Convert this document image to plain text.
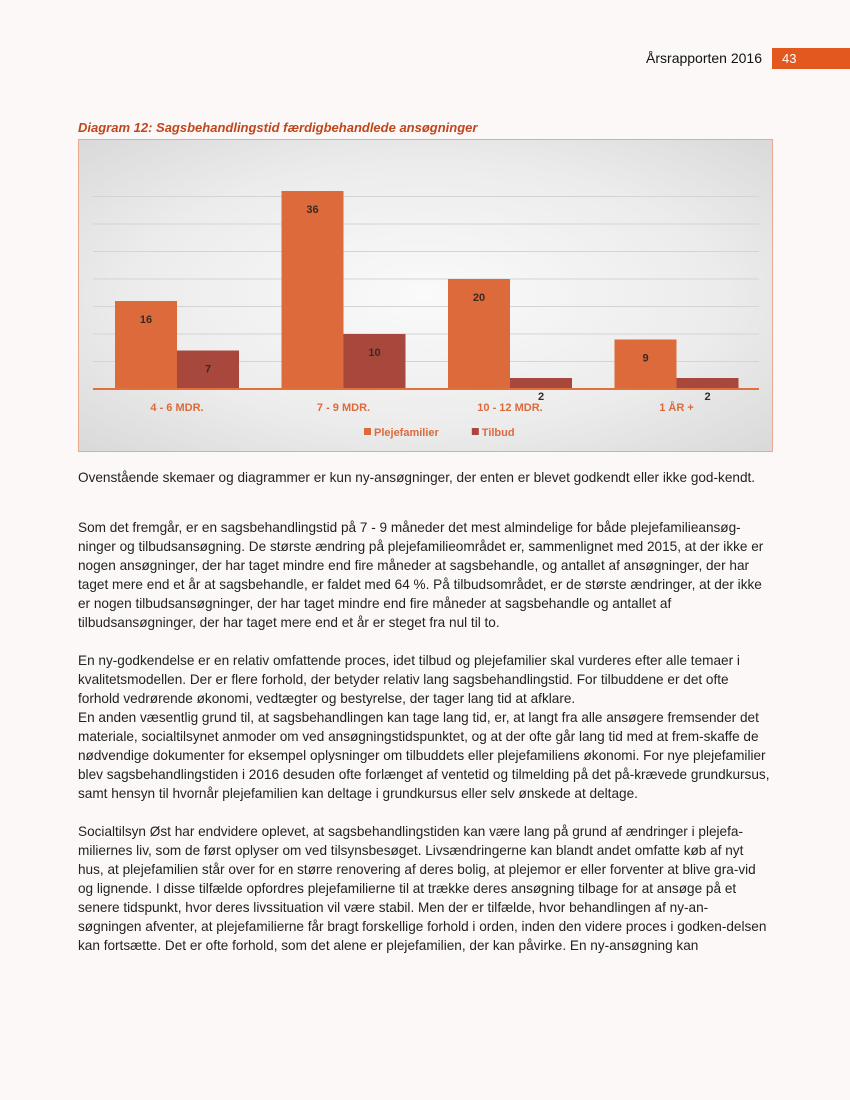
Årsrapporten 2016	43
Diagram 12: Sagsbehandlingstid færdigbehandlede ansøgninger
16
7
4 - 6 MDR.
36
10
7 - 9 MDR.
20
2
10 - 12 MDR.
9
2
1 ÅR +
Plejefamilier	Tilbud

Ovenstående skemaer og diagrammer er kun ny-ansøgninger, der enten er blevet godkendt eller ikke god-kendt.

Som det fremgår, er en sagsbehandlingstid på 7 - 9 måneder det mest almindelige for både plejefamilieansøg-ninger og tilbudsansøgning. De største ændring på plejefamilieområdet er, sammenlignet med 2015, at der ikke er nogen ansøgninger, der har taget mindre end fire måneder at sagsbehandle, og antallet af ansøgninger, der har taget mere end et år at sagsbehandle, er faldet med 64 %. På tilbudsområdet, er de største ændringer, at der ikke er nogen tilbudsansøgninger, der har taget mindre end fire måneder at sagsbehandle og antallet af tilbudsansøgninger, der har taget mere end et år er steget fra nul til to.

En ny-godkendelse er en relativ omfattende proces, idet tilbud og plejefamilier skal vurderes efter alle temaer i kvalitetsmodellen. Der er flere forhold, der betyder relativ lang sagsbehandlingstid. For tilbuddene er det ofte forhold vedrørende økonomi, vedtægter og bestyrelse, der tager lang tid at afklare.

En anden væsentlig grund til, at sagsbehandlingen kan tage lang tid, er, at langt fra alle ansøgere fremsender det materiale, socialtilsynet anmoder om ved ansøgningstidspunktet, og at der ofte går lang tid med at frem-skaffe de nødvendige dokumenter for eksempel oplysninger om tilbuddets eller plejefamiliens økonomi. For nye plejefamilier blev sagsbehandlingstiden i 2016 desuden ofte forlænget af ventetid og tilmelding på det på-krævede grundkursus, samt hensyn til hvornår plejefamilien kan deltage i grundkursus eller selv ønskede at deltage.

Socialtilsyn Øst har endvidere oplevet, at sagsbehandlingstiden kan være lang på grund af ændringer i plejefa-miliernes liv, som de først oplyser om ved tilsynsbesøget. Livsændringerne kan blandt andet omfatte køb af nyt hus, at plejefamilien står over for en større renovering af deres bolig, at plejemor er eller forventer at blive gra-vid og lignende. I disse tilfælde opfordres plejefamilierne til at trække deres ansøgning tilbage for at ansøge på et senere tidspunkt, hvor deres livssituation vil være stabil. Men der er tilfælde, hvor behandlingen af ny-an-søgningen afventer, at plejefamilierne får bragt forskellige forhold i orden, inden den videre proces i godken-delsen kan fortsætte. Det er ofte forhold, som det alene er plejefamilien, der kan påvirke. En ny-ansøgning kan
